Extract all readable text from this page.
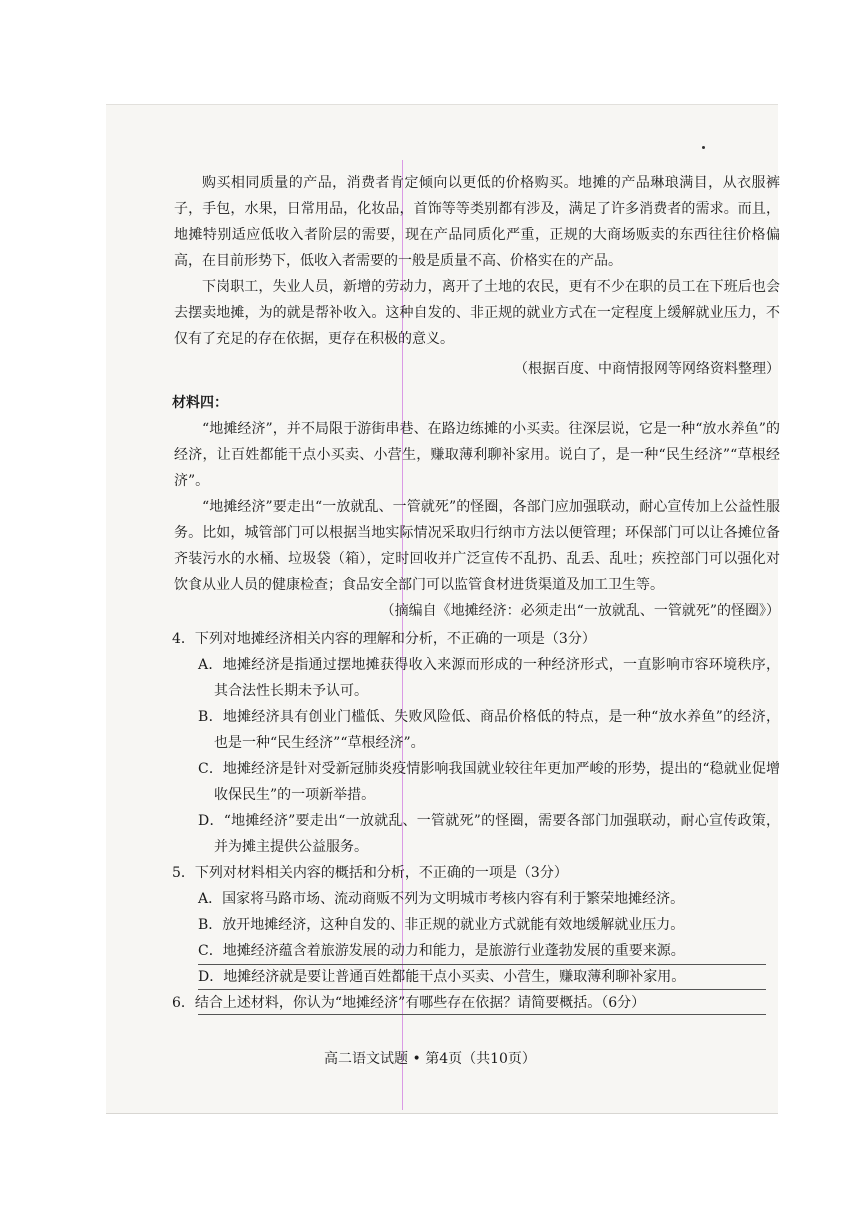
购买相同质量的产品，消费者肯定倾向以更低的价格购买。地摊的产品琳琅满目，从衣服裤子，手包，水果，日常用品，化妆品，首饰等等类别都有涉及，满足了许多消费者的需求。而且，地摊特别适应低收入者阶层的需要，现在产品同质化严重，正规的大商场贩卖的东西往往价格偏高，在目前形势下，低收入者需要的一般是质量不高、价格实在的产品。

下岗职工，失业人员，新增的劳动力，离开了土地的农民，更有不少在职的员工在下班后也会去摆卖地摊，为的就是帮补收入。这种自发的、非正规的就业方式在一定程度上缓解就业压力，不仅有了充足的存在依据，更存在积极的意义。

（根据百度、中商情报网等网络资料整理）

材料四：

“地摊经济”，并不局限于游街串巷、在路边练摊的小买卖。往深层说，它是一种“放水养鱼”的经济，让百姓都能干点小买卖、小营生，赚取薄利聊补家用。说白了，是一种“民生经济”“草根经济”。

“地摊经济”要走出“一放就乱、一管就死”的怪圈，各部门应加强联动，耐心宣传加上公益性服务。比如，城管部门可以根据当地实际情况采取归行纳市方法以便管理；环保部门可以让各摊位备齐装污水的水桶、垃圾袋（箱），定时回收并广泛宣传不乱扔、乱丢、乱吐；疾控部门可以强化对饮食从业人员的健康检查；食品安全部门可以监管食材进货渠道及加工卫生等。

（摘编自《地摊经济：必须走出“一放就乱、一管就死”的怪圈》）

4．下列对地摊经济相关内容的理解和分析，不正确的一项是（3分）

A．地摊经济是指通过摆地摊获得收入来源而形成的一种经济形式，一直影响市容环境秩序，其合法性长期未予认可。

B．地摊经济具有创业门槛低、失败风险低、商品价格低的特点，是一种“放水养鱼”的经济，也是一种“民生经济”“草根经济”。

C．地摊经济是针对受新冠肺炎疫情影响我国就业较往年更加严峻的形势，提出的“稳就业促增收保民生”的一项新举措。

D．“地摊经济”要走出“一放就乱、一管就死”的怪圈，需要各部门加强联动，耐心宣传政策，并为摊主提供公益服务。

5．下列对材料相关内容的概括和分析，不正确的一项是（3分）

A．国家将马路市场、流动商贩不列为文明城市考核内容有利于繁荣地摊经济。

B．放开地摊经济，这种自发的、非正规的就业方式就能有效地缓解就业压力。

C．地摊经济蕴含着旅游发展的动力和能力，是旅游行业蓬勃发展的重要来源。

D．地摊经济就是要让普通百姓都能干点小买卖、小营生，赚取薄利聊补家用。

6．结合上述材料，你认为“地摊经济”有哪些存在依据？请简要概括。（6分）

高二语文试题 • 第4页（共10页）
